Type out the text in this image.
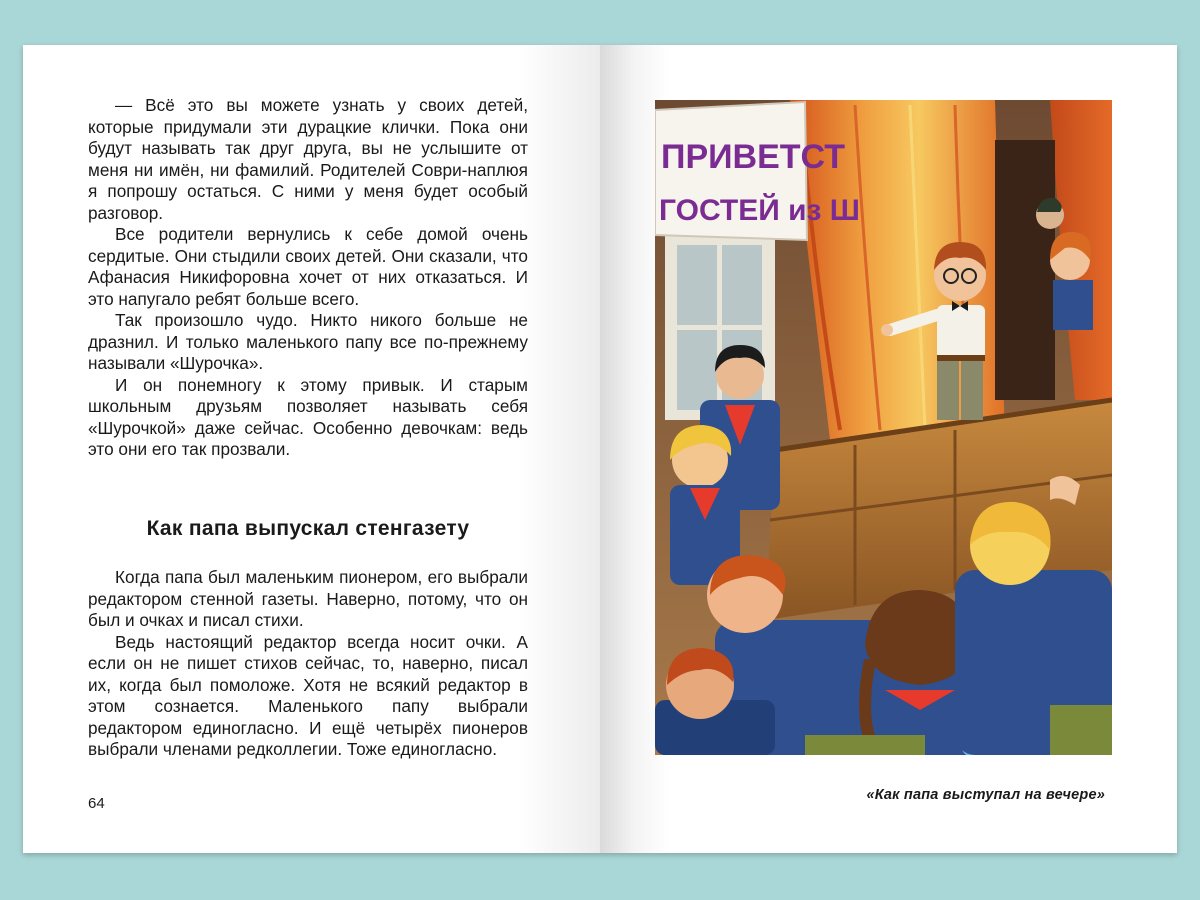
— Всё это вы можете узнать у своих детей, которые придумали эти дурацкие клички. Пока они будут называть так друг друга, вы не услышите от меня ни имён, ни фамилий. Родителей Соври-наплюя я попрошу остаться. С ними у меня будет особый разговор.

Все родители вернулись к себе домой очень сердитые. Они стыдили своих детей. Они сказали, что Афанасия Никифоровна хочет от них отказаться. И это напугало ребят больше всего.

Так произошло чудо. Никто никого больше не дразнил. И только маленького папу все по-прежнему называли «Шурочка».

И он понемногу к этому привык. И старым школьным друзьям позволяет называть себя «Шурочкой» даже сейчас. Особенно девочкам: ведь это они его так прозвали.

Как папа выпускал стенгазету

Когда папа был маленьким пионером, его выбрали редактором стенной газеты. Наверно, потому, что он был и очках и писал стихи.

Ведь настоящий редактор всегда носит очки. А если он не пишет стихов сейчас, то, наверно, писал их, когда был помоложе. Хотя не всякий редактор в этом сознается. Маленького папу выбрали редактором единогласно. И ещё четырёх пионеров выбрали членами редколлегии. Тоже единогласно.

64
ПРИВЕТСТ
ГОСТЕЙ из Ш
«Как папа выступал на вечере»
